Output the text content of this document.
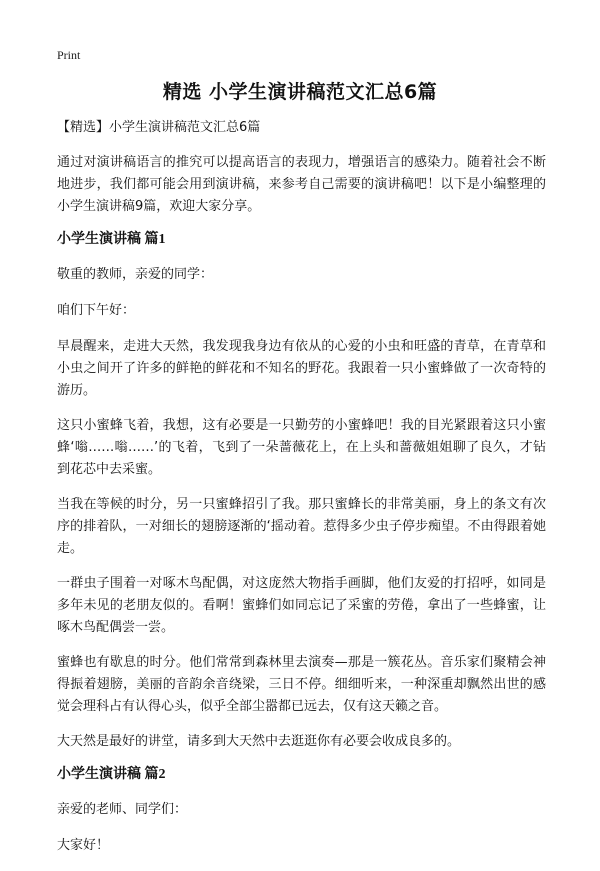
Print
精选 小学生演讲稿范文汇总6篇
【精选】小学生演讲稿范文汇总6篇

通过对演讲稿语言的推究可以提高语言的表现力，增强语言的感染力。随着社会不断地进步，我们都可能会用到演讲稿，来参考自己需要的演讲稿吧！以下是小编整理的小学生演讲稿9篇，欢迎大家分享。

小学生演讲稿 篇1

敬重的教师，亲爱的同学：

咱们下午好：

早晨醒来，走进大天然，我发现我身边有依从的心爱的小虫和旺盛的青草，在青草和小虫之间开了许多的鲜艳的鲜花和不知名的野花。我跟着一只小蜜蜂做了一次奇特的游历。

这只小蜜蜂飞着，我想，这有必要是一只勤劳的小蜜蜂吧！我的目光紧跟着这只小蜜蜂‘嗡……嗡……’的飞着，飞到了一朵蔷薇花上，在上头和蔷薇姐姐聊了良久，才钻到花芯中去采蜜。

当我在等候的时分，另一只蜜蜂招引了我。那只蜜蜂长的非常美丽，身上的条文有次序的排着队，一对细长的翅膀逐渐的‘摇动着。惹得多少虫子停步痴望。不由得跟着她走。

一群虫子围着一对啄木鸟配偶，对这庞然大物指手画脚，他们友爱的打招呼，如同是多年未见的老朋友似的。看啊！蜜蜂们如同忘记了采蜜的劳倦，拿出了一些蜂蜜，让啄木鸟配偶尝一尝。

蜜蜂也有歇息的时分。他们常常到森林里去演奏—那是一簇花丛。音乐家们聚精会神得振着翅膀，美丽的音韵余音绕梁，三日不停。细细听来，一种深重却飘然出世的感觉会理科占有认得心头，似乎全部尘嚣都已远去，仅有这天籁之音。

大天然是最好的讲堂，请多到大天然中去逛逛你有必要会收成良多的。

小学生演讲稿 篇2

亲爱的老师、同学们：

大家好！
